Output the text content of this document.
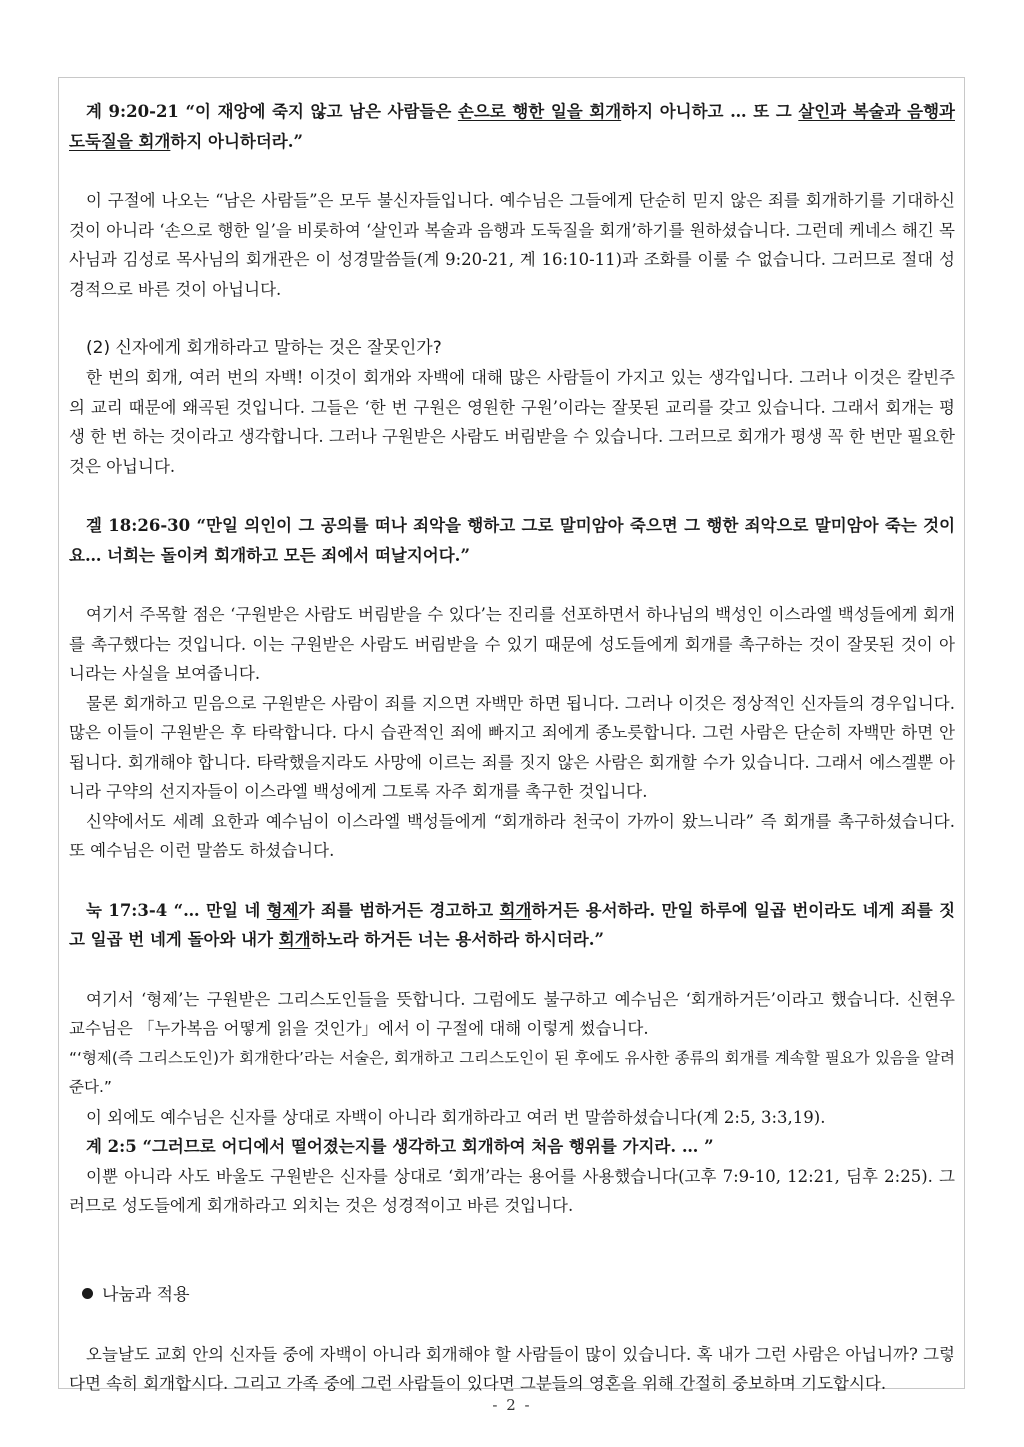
계 9:20-21 “이 재앙에 죽지 않고 남은 사람들은 손으로 행한 일을 회개하지 아니하고 … 또 그 살인과 복술과 음행과 도둑질을 회개하지 아니하더라.”

이 구절에 나오는 “남은 사람들”은 모두 불신자들입니다. 예수님은 그들에게 단순히 믿지 않은 죄를 회개하기를 기대하신 것이 아니라 ‘손으로 행한 일’을 비롯하여 ‘살인과 복술과 음행과 도둑질을 회개’하기를 원하셨습니다. 그런데 케네스 해긴 목사님과 김성로 목사님의 회개관은 이 성경말씀들(계 9:20-21, 계 16:10-11)과 조화를 이룰 수 없습니다. 그러므로 절대 성경적으로 바른 것이 아닙니다.

(2) 신자에게 회개하라고 말하는 것은 잘못인가?

한 번의 회개, 여러 번의 자백! 이것이 회개와 자백에 대해 많은 사람들이 가지고 있는 생각입니다. 그러나 이것은 칼빈주의 교리 때문에 왜곡된 것입니다. 그들은 ‘한 번 구원은 영원한 구원’이라는 잘못된 교리를 갖고 있습니다. 그래서 회개는 평생 한 번 하는 것이라고 생각합니다. 그러나 구원받은 사람도 버림받을 수 있습니다. 그러므로 회개가 평생 꼭 한 번만 필요한 것은 아닙니다.

겔 18:26-30 “만일 의인이 그 공의를 떠나 죄악을 행하고 그로 말미암아 죽으면 그 행한 죄악으로 말미암아 죽는 것이요… 너희는 돌이켜 회개하고 모든 죄에서 떠날지어다.”

여기서 주목할 점은 ‘구원받은 사람도 버림받을 수 있다’는 진리를 선포하면서 하나님의 백성인 이스라엘 백성들에게 회개를 촉구했다는 것입니다. 이는 구원받은 사람도 버림받을 수 있기 때문에 성도들에게 회개를 촉구하는 것이 잘못된 것이 아니라는 사실을 보여줍니다.

물론 회개하고 믿음으로 구원받은 사람이 죄를 지으면 자백만 하면 됩니다. 그러나 이것은 정상적인 신자들의 경우입니다. 많은 이들이 구원받은 후 타락합니다. 다시 습관적인 죄에 빠지고 죄에게 종노릇합니다. 그런 사람은 단순히 자백만 하면 안 됩니다. 회개해야 합니다. 타락했을지라도 사망에 이르는 죄를 짓지 않은 사람은 회개할 수가 있습니다. 그래서 에스겔뿐 아니라 구약의 선지자들이 이스라엘 백성에게 그토록 자주 회개를 촉구한 것입니다.

신약에서도 세례 요한과 예수님이 이스라엘 백성들에게 “회개하라 천국이 가까이 왔느니라” 즉 회개를 촉구하셨습니다. 또 예수님은 이런 말씀도 하셨습니다.

눅 17:3-4 “… 만일 네 형제가 죄를 범하거든 경고하고 회개하거든 용서하라. 만일 하루에 일곱 번이라도 네게 죄를 짓고 일곱 번 네게 돌아와 내가 회개하노라 하거든 너는 용서하라 하시더라.”

여기서 ‘형제’는 구원받은 그리스도인들을 뜻합니다. 그럼에도 불구하고 예수님은 ‘회개하거든’이라고 했습니다. 신현우 교수님은 「누가복음 어떻게 읽을 것인가」에서 이 구절에 대해 이렇게 썼습니다.

“‘형제(즉 그리스도인)가 회개한다’라는 서술은, 회개하고 그리스도인이 된 후에도 유사한 종류의 회개를 계속할 필요가 있음을 알려준다.”

이 외에도 예수님은 신자를 상대로 자백이 아니라 회개하라고 여러 번 말씀하셨습니다(계 2:5, 3:3,19).

계 2:5 “그러므로 어디에서 떨어졌는지를 생각하고 회개하여 처음 행위를 가지라. … ”

이뿐 아니라 사도 바울도 구원받은 신자를 상대로 ‘회개’라는 용어를 사용했습니다(고후 7:9-10, 12:21, 딤후 2:25). 그러므로 성도들에게 회개하라고 외치는 것은 성경적이고 바른 것입니다.

나눔과 적용

오늘날도 교회 안의 신자들 중에 자백이 아니라 회개해야 할 사람들이 많이 있습니다. 혹 내가 그런 사람은 아닙니까? 그렇다면 속히 회개합시다. 그리고 가족 중에 그런 사람들이 있다면 그분들의 영혼을 위해 간절히 중보하며 기도합시다.

- 2 -
